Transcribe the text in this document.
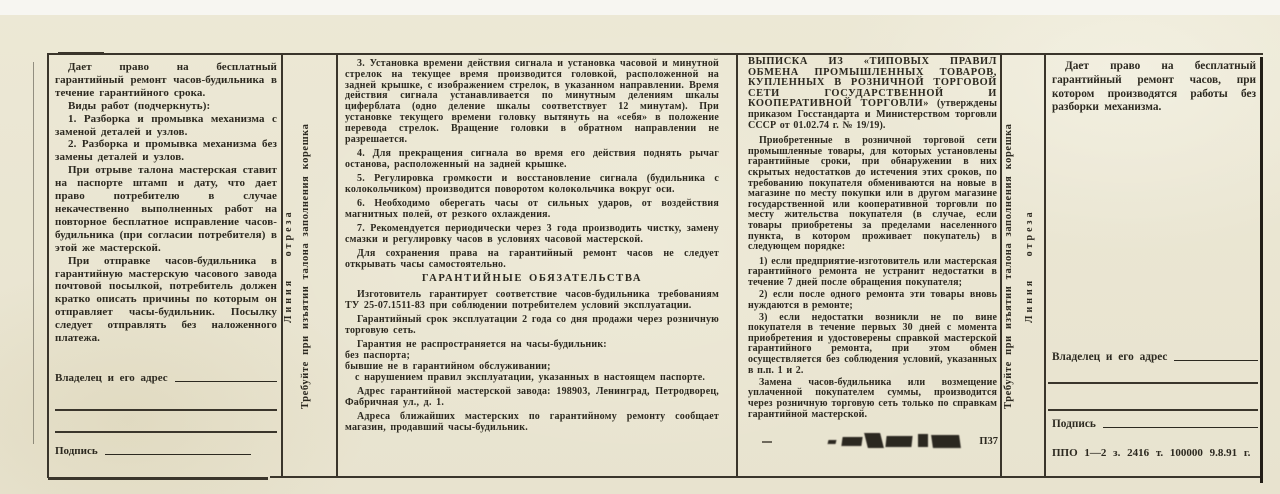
Дает право на бесплатный гарантийный ремонт часов-будильника в течение гарантийного срока.

Виды работ (подчеркнуть):

1. Разборка и промывка механизма с заменой деталей и узлов.

2. Разборка и промывка механизма без замены деталей и узлов.

При отрыве талона мастерская ставит на паспорте штамп и дату, что дает право потребителю в случае некачественно выполненных работ на повторное бесплатное исправление часов-будильника (при согласии потребителя) в этой же мастерской.

При отправке часов-будильника в гарантийную мастерскую часового завода почтовой посылкой, потребитель должен кратко описать причины по которым он отправляет часы-будильник. Посылку следует отправлять без наложенного платежа.

Владелец и его адрес
Подпись
Линия отреза Требуйте при изъятии талона заполнения корешка

3. Установка времени действия сигнала и установка часовой и минутной стрелок на текущее время производится головкой, расположенной на задней крышке, с изображением стрелок, в указанном направлении. Время действия сигнала устанавливается по минутным делениям шкалы циферблата (одно деление шкалы соответствует 12 минутам). При установке текущего времени головку вытянуть на «себя» в положение перевода стрелок. Вращение головки в обратном направлении не разрешается.

4. Для прекращения сигнала во время его действия поднять рычаг останова, расположенный на задней крышке.

5. Регулировка громкости и восстановление сигнала (будильника с колокольчиком) производится поворотом колокольчика вокруг оси.

6. Необходимо оберегать часы от сильных ударов, от воздействия магнитных полей, от резкого охлаждения.

7. Рекомендуется периодически через 3 года производить чистку, замену смазки и регулировку часов в условиях часовой мастерской.

Для сохранения права на гарантийный ремонт часов не следует открывать часы самостоятельно.

ГАРАНТИЙНЫЕ ОБЯЗАТЕЛЬСТВА

Изготовитель гарантирует соответствие часов-будильника требованиям ТУ 25-07.1511-83 при соблюдении потребителем условий эксплуатации.

Гарантийный срок эксплуатации 2 года со дня продажи через розничную торговую сеть.

Гарантия не распространяется на часы-будильник:

без паспорта;

бывшие не в гарантийном обслуживании;

с нарушением правил эксплуатации, указанных в настоящем паспорте.

Адрес гарантийной мастерской завода: 198903, Ленинград, Петродворец, Фабричная ул., д. 1.

Адреса ближайших мастерских по гарантийному ремонту сообщает магазин, продавший часы-будильник.

ВЫПИСКА ИЗ «ТИПОВЫХ ПРАВИЛ ОБМЕНА ПРОМЫШЛЕННЫХ ТОВАРОВ, КУПЛЕННЫХ В РОЗНИЧНОЙ ТОРГОВОЙ СЕТИ ГОСУДАРСТВЕННОЙ И КООПЕРАТИВНОЙ ТОРГОВЛИ» (утверждены приказом Госстандарта и Министерством торговли СССР от 01.02.74 г. № 19/19).

Приобретенные в розничной торговой сети промышленные товары, для которых установлены гарантийные сроки, при обнаружении в них скрытых недостатков до истечения этих сроков, по требованию покупателя обмениваются на новые в магазине по месту покупки или в другом магазине государственной или кооперативной торговли по месту жительства покупателя (в случае, если товары приобретены за пределами населенного пункта, в котором проживает покупатель) в следующем порядке:

1) если предприятие-изготовитель или мастерская гарантийного ремонта не устранит недостатки в течение 7 дней после обращения покупателя;

2) если после одного ремонта эти товары вновь нуждаются в ремонте;

3) если недостатки возникли не по вине покупателя в течение первых 30 дней с момента приобретения и удостоверены справкой мастерской гарантийного ремонта, при этом обмен осуществляется без соблюдения условий, указанных в п.п. 1 и 2.

Замена часов-будильника или возмещение уплаченной покупателем суммы, производится через розничную торговую сеть только по справкам гарантийной мастерской.

П37
Требуйте при изъятии талона заполнения корешка	Линия отреза

Дает право на бесплатный гарантийный ремонт часов, при котором производятся работы без разборки механизма.

Владелец и его адрес
Подпись
ППО 1—2 з. 2416 т. 100000 9.8.91 г.
